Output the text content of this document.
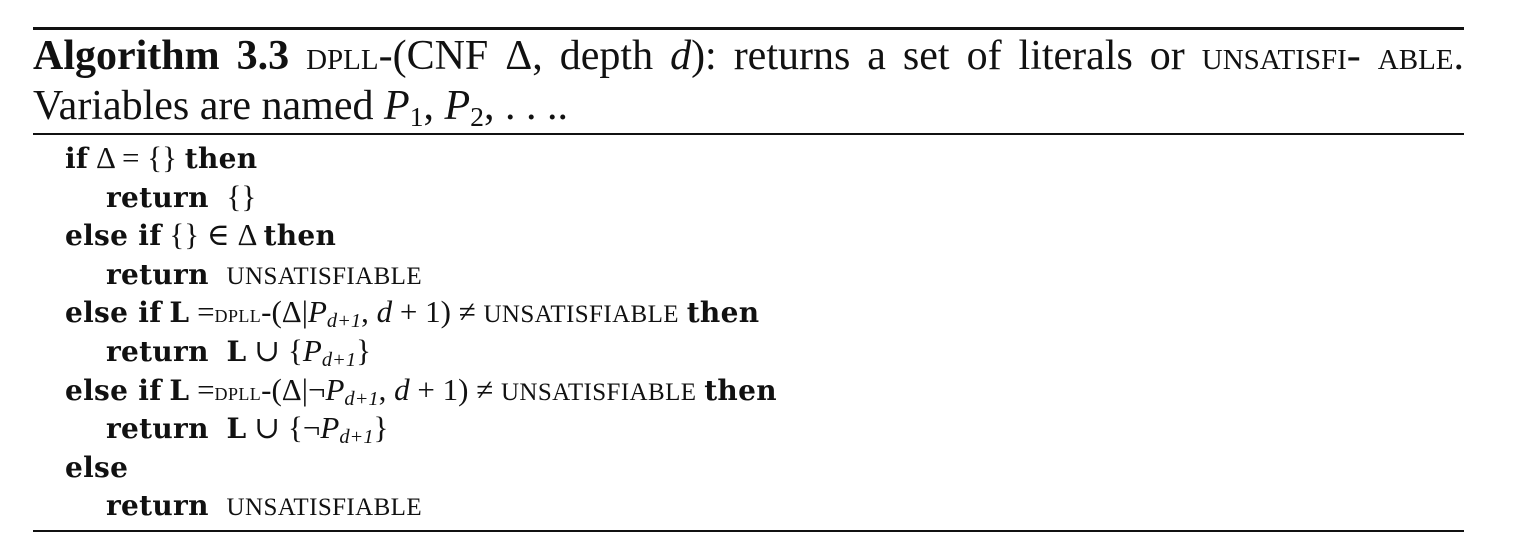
Algorithm 3.3 dpll-(CNF Δ, depth d): returns a set of literals or unsatisfi- able. Variables are named $P_1$, $P_2$, . . ..
if Δ = {} then
return {}
else if {} ∈ Δ then
return UNSATISFIABLE
else if $L =dpll-(\Delta|P_{d+1}$, d + 1) ≠ UNSATISFIABLE then
return L ∪ $\{P_{d+1}\}$
else if $L =dpll-(\Delta|\neg P_{d+1}$, d + 1) ≠ UNSATISFIABLE then
return L ∪ $\{\neg P_{d+1}\}$
else
return UNSATISFIABLE
